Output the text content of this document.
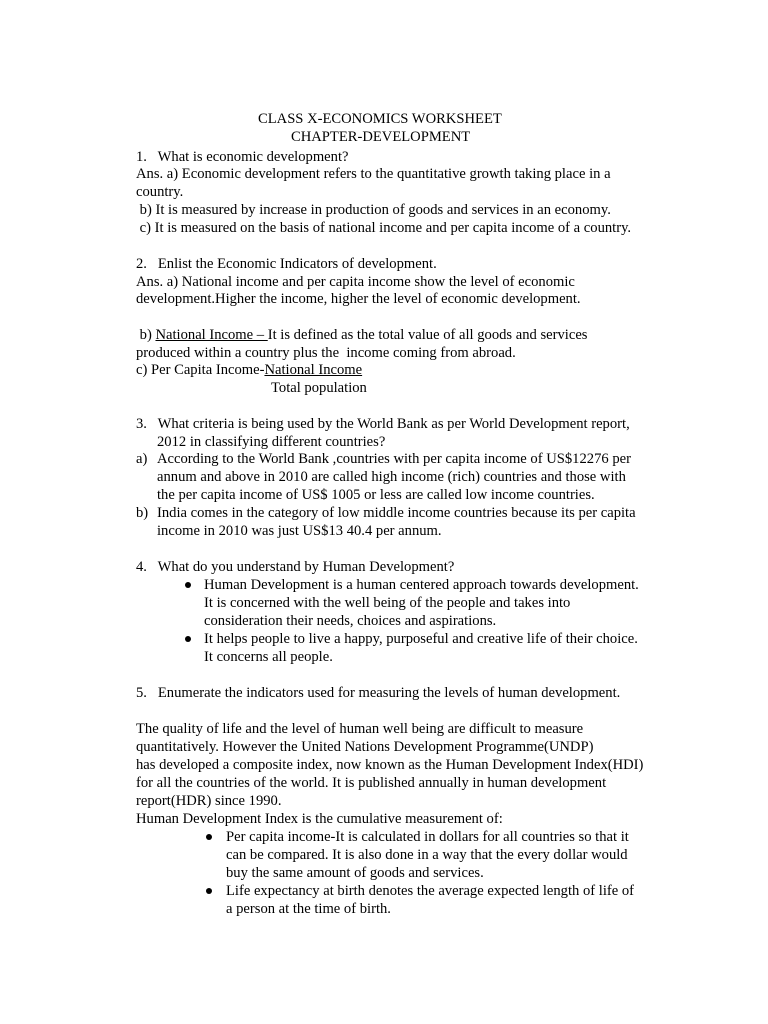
CLASS X-ECONOMICS WORKSHEET
CHAPTER-DEVELOPMENT
1.   What is economic development?
Ans. a) Economic development refers to the quantitative growth taking place in a
country.
b) It is measured by increase in production of goods and services in an economy.
c) It is measured on the basis of national income and per capita income of a country.
2.   Enlist the Economic Indicators of development.
Ans. a) National income and per capita income show the level of economic
development.Higher the income, higher the level of economic development.
b) National Income – It is defined as the total value of all goods and services
produced within a country plus the  income coming from abroad.
c) Per Capita Income-National Income
Total population
3.   What criteria is being used by the World Bank as per World Development report,
2012 in classifying different countries?
a) According to the World Bank ,countries with per capita income of US$12276 per
annum and above in 2010 are called high income (rich) countries and those with
the per capita income of US$ 1005 or less are called low income countries.
b) India comes in the category of low middle income countries because its per capita
income in 2010 was just US$13 40.4 per annum.
4.   What do you understand by Human Development?
Human Development is a human centered approach towards development.
It is concerned with the well being of the people and takes into
consideration their needs, choices and aspirations.
It helps people to live a happy, purposeful and creative life of their choice.
It concerns all people.
5.   Enumerate the indicators used for measuring the levels of human development.
The quality of life and the level of human well being are difficult to measure
quantitatively. However the United Nations Development Programme(UNDP)
has developed a composite index, now known as the Human Development Index(HDI)
for all the countries of the world. It is published annually in human development
report(HDR) since 1990.
Human Development Index is the cumulative measurement of:
Per capita income-It is calculated in dollars for all countries so that it
can be compared. It is also done in a way that the every dollar would
buy the same amount of goods and services.
Life expectancy at birth denotes the average expected length of life of
a person at the time of birth.
